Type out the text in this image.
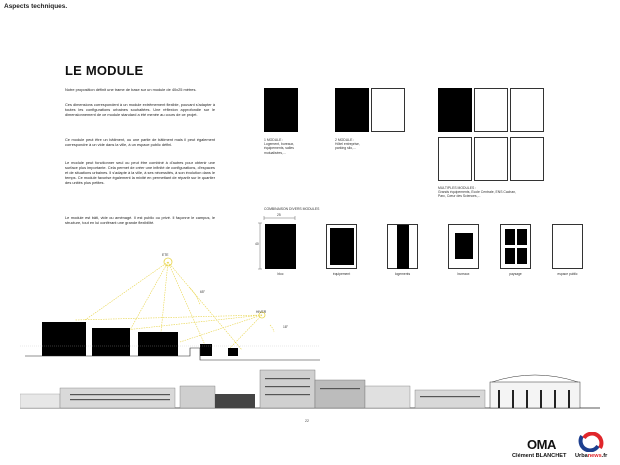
Aspects techniques.
LE MODULE
Notre proposition définit une trame de base sur un module de 40x25 mètres.
Ces dimensions correspondent à un module extrêmement flexible, pouvant s'adapter à toutes les configurations urbaines souhaitées. Une réflexion approfondie sur le dimensionnement de ce module standard a été menée au cours de ce projet.
Ce module peut être un bâtiment, ou une partie de bâtiment mais il peut également correspondre à un vide dans la ville, à un espace public défini.
Le module peut fonctionner seul ou peut être combiné à d'autres pour obtenir une surface plus importante. Cela permet de créer une infinité de configurations, d'espaces et de situations urbaines. Il s'adapte à la ville, à ses nécessités, à son évolution dans le temps. Ce module favorise également la mixité en permettant de répartir sur le quartier des unités plus petites.
Le module est bâti, vide ou aménagé. Il est public ou privé. Il façonne le campus, le structure, tout en lui conférant une grande flexibilité.
1 MODULE :
Logement, bureaux,
équipements, salles
mutualisées,...
2 MODULE :
Hôtel entreprise,
parking silo,...
MULTIPLES MODULES :
Grands équipements, Ecole Centrale, ENS Cachan,
Parc, Cœur des Sciences,...
COMBINAISON DIVERS MODULES
25
40
bloc	équipement	logements	bureaux	paysage	espace public
ETE
65°
HIVER
18°
22
OMA
Clément BLANCHET Urbanews.fr
